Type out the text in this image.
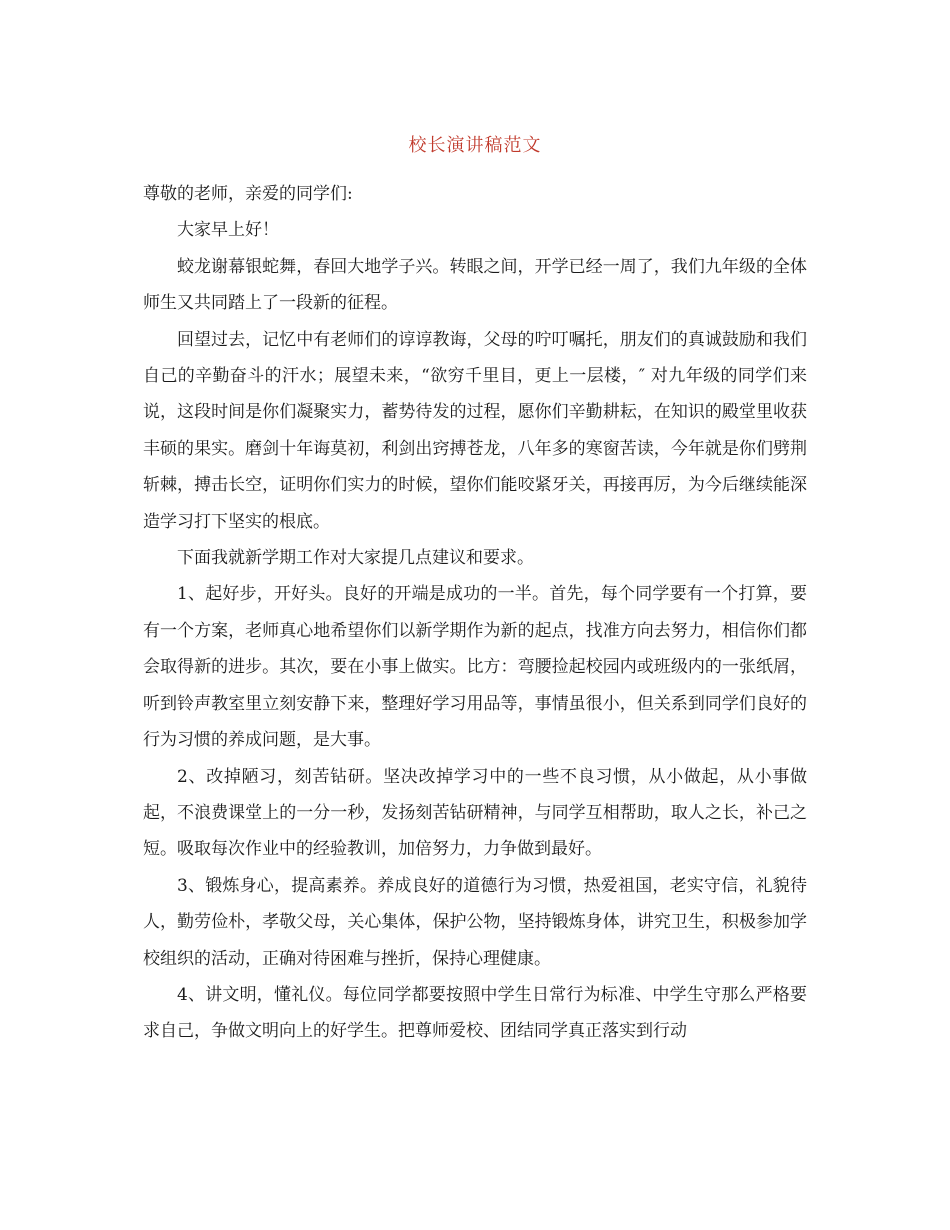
校长演讲稿范文

尊敬的老师，亲爱的同学们:

大家早上好！

蛟龙谢幕银蛇舞，春回大地学子兴。转眼之间，开学已经一周了，我们九年级的全体师生又共同踏上了一段新的征程。

回望过去，记忆中有老师们的谆谆教诲，父母的咛叮嘱托，朋友们的真诚鼓励和我们自己的辛勤奋斗的汗水；展望未来，“欲穷千里目，更上一层楼，″ 对九年级的同学们来说，这段时间是你们凝聚实力，蓄势待发的过程，愿你们辛勤耕耘，在知识的殿堂里收获丰硕的果实。磨剑十年诲莫初，利剑出窍搏苍龙，八年多的寒窗苦读，今年就是你们劈荆斩棘，搏击长空，证明你们实力的时候，望你们能咬紧牙关，再接再厉，为今后继续能深造学习打下坚实的根底。

下面我就新学期工作对大家提几点建议和要求。

1、起好步，开好头。良好的开端是成功的一半。首先，每个同学要有一个打算，要有一个方案，老师真心地希望你们以新学期作为新的起点，找准方向去努力，相信你们都会取得新的进步。其次，要在小事上做实。比方：弯腰捡起校园内或班级内的一张纸屑，听到铃声教室里立刻安静下来，整理好学习用品等，事情虽很小，但关系到同学们良好的行为习惯的养成问题，是大事。

2、改掉陋习，刻苦钻研。坚决改掉学习中的一些不良习惯，从小做起，从小事做起，不浪费课堂上的一分一秒，发扬刻苦钻研精神，与同学互相帮助，取人之长，补己之短。吸取每次作业中的经验教训，加倍努力，力争做到最好。

3、锻炼身心，提高素养。养成良好的道德行为习惯，热爱祖国，老实守信，礼貌待人，勤劳俭朴，孝敬父母，关心集体，保护公物，坚持锻炼身体，讲究卫生，积极参加学校组织的活动，正确对待困难与挫折，保持心理健康。

4、讲文明，懂礼仪。每位同学都要按照中学生日常行为标准、中学生守那么严格要求自己，争做文明向上的好学生。把尊师爱校、团结同学真正落实到行动
